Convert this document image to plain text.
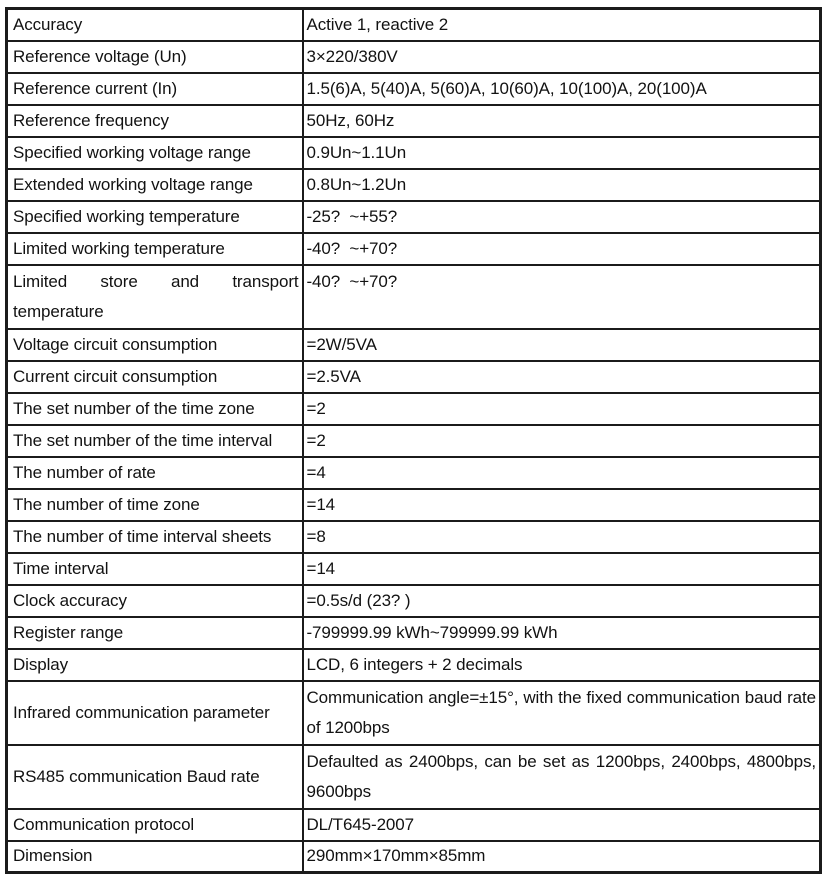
Accuracy	Active 1, reactive 2
Reference voltage (Un)	3×220/380V
Reference current (In)	1.5(6)A, 5(40)A, 5(60)A, 10(60)A, 10(100)A, 20(100)A
Reference frequency	50Hz, 60Hz
Specified working voltage range	0.9Un~1.1Un
Extended working voltage range	0.8Un~1.2Un
Specified working temperature	-25?  ~+55?
Limited working temperature	-40?  ~+70?
Limited store and transport temperature	-40?  ~+70?
Voltage circuit consumption	=2W/5VA
Current circuit consumption	=2.5VA
The set number of the time zone	=2
The set number of the time interval	=2
The number of rate	=4
The number of time zone	=14
The number of time interval sheets	=8
Time interval	=14
Clock accuracy	=0.5s/d (23? )
Register range	-799999.99 kWh~799999.99 kWh
Display	LCD, 6 integers + 2 decimals
Infrared communication parameter	Communication angle=±15°, with the fixed communication baud rate of 1200bps
RS485 communication Baud rate	Defaulted as 2400bps, can be set as 1200bps, 2400bps, 4800bps, 9600bps
Communication protocol	DL/T645-2007
Dimension	290mm×170mm×85mm
